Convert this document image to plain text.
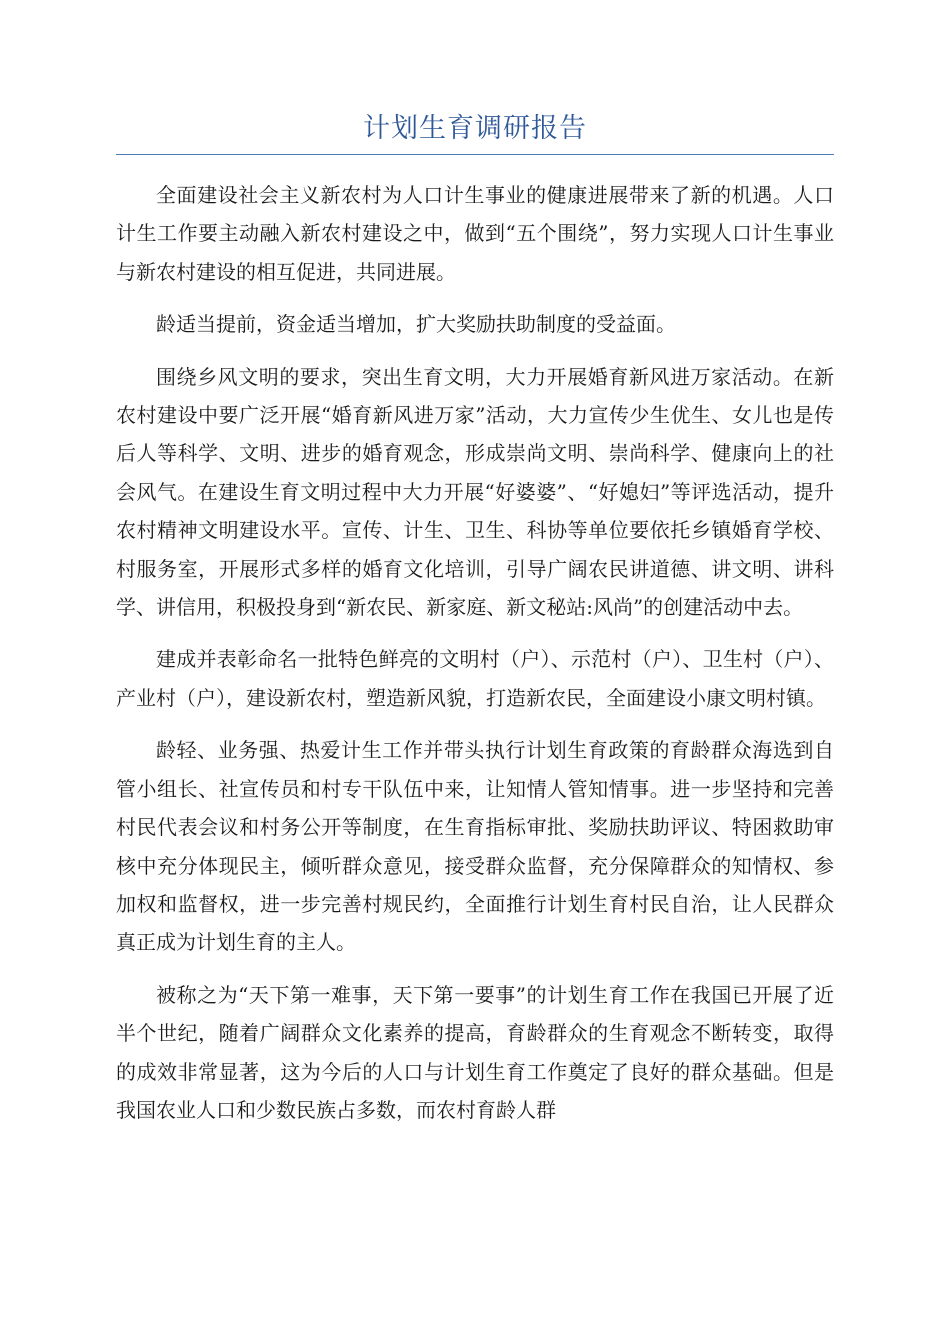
计划生育调研报告

全面建设社会主义新农村为人口计生事业的健康进展带来了新的机遇。人口计生工作要主动融入新农村建设之中，做到“五个围绕”，努力实现人口计生事业与新农村建设的相互促进，共同进展。

龄适当提前，资金适当增加，扩大奖励扶助制度的受益面。

围绕乡风文明的要求，突出生育文明，大力开展婚育新风进万家活动。在新农村建设中要广泛开展“婚育新风进万家”活动，大力宣传少生优生、女儿也是传后人等科学、文明、进步的婚育观念，形成崇尚文明、崇尚科学、健康向上的社会风气。在建设生育文明过程中大力开展“好婆婆”、“好媳妇”等评选活动，提升农村精神文明建设水平。宣传、计生、卫生、科协等单位要依托乡镇婚育学校、村服务室，开展形式多样的婚育文化培训，引导广阔农民讲道德、讲文明、讲科学、讲信用，积极投身到“新农民、新家庭、新文秘站:风尚”的创建活动中去。

建成并表彰命名一批特色鲜亮的文明村（户）、示范村（户）、卫生村（户）、产业村（户），建设新农村，塑造新风貌，打造新农民，全面建设小康文明村镇。

龄轻、业务强、热爱计生工作并带头执行计划生育政策的育龄群众海选到自管小组长、社宣传员和村专干队伍中来，让知情人管知情事。进一步坚持和完善村民代表会议和村务公开等制度，在生育指标审批、奖励扶助评议、特困救助审核中充分体现民主，倾听群众意见，接受群众监督，充分保障群众的知情权、参加权和监督权，进一步完善村规民约，全面推行计划生育村民自治，让人民群众真正成为计划生育的主人。

被称之为“天下第一难事，天下第一要事”的计划生育工作在我国已开展了近半个世纪，随着广阔群众文化素养的提高，育龄群众的生育观念不断转变，取得的成效非常显著，这为今后的人口与计划生育工作奠定了良好的群众基础。但是我国农业人口和少数民族占多数，而农村育龄人群
